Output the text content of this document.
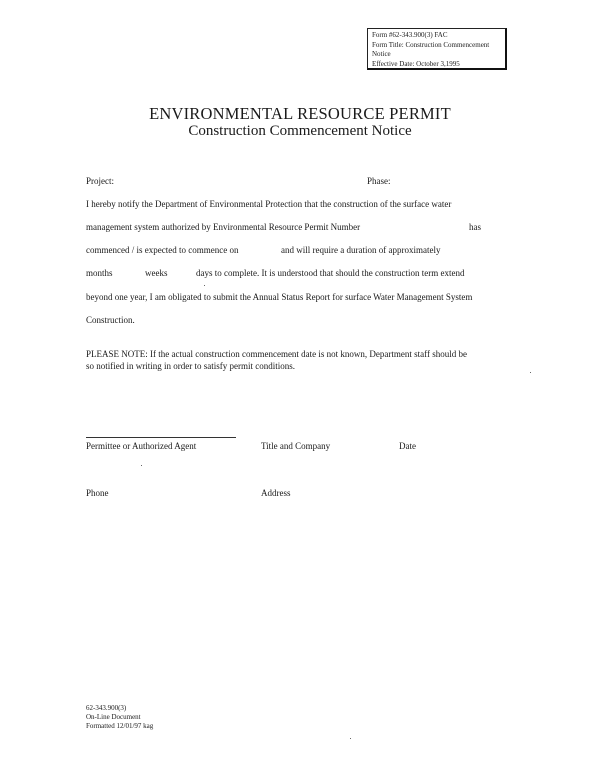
Form #62-343.900(3) FAC
Form Title: Construction Commencement
Notice
Effective Date: October 3,1995
ENVIRONMENTAL RESOURCE PERMIT
Construction Commencement Notice
Project:	Phase:
I hereby notify the Department of Environmental Protection that the construction of the surface water
management system authorized by Environmental Resource Permit Number	has
commenced / is expected to commence on	and will require a duration of approximately
months	weeks	days to complete. It is understood that should the construction term extend
beyond one year, I am obligated to submit the Annual Status Report for surface Water Management System
Construction.
PLEASE NOTE: If the actual construction commencement date is not known, Department staff should be
so notified in writing in order to satisfy permit conditions.
Permittee or Authorized Agent	Title and Company	Date
Phone	Address
62-343.900(3)
On-Line Document
Formatted 12/01/97 kag
